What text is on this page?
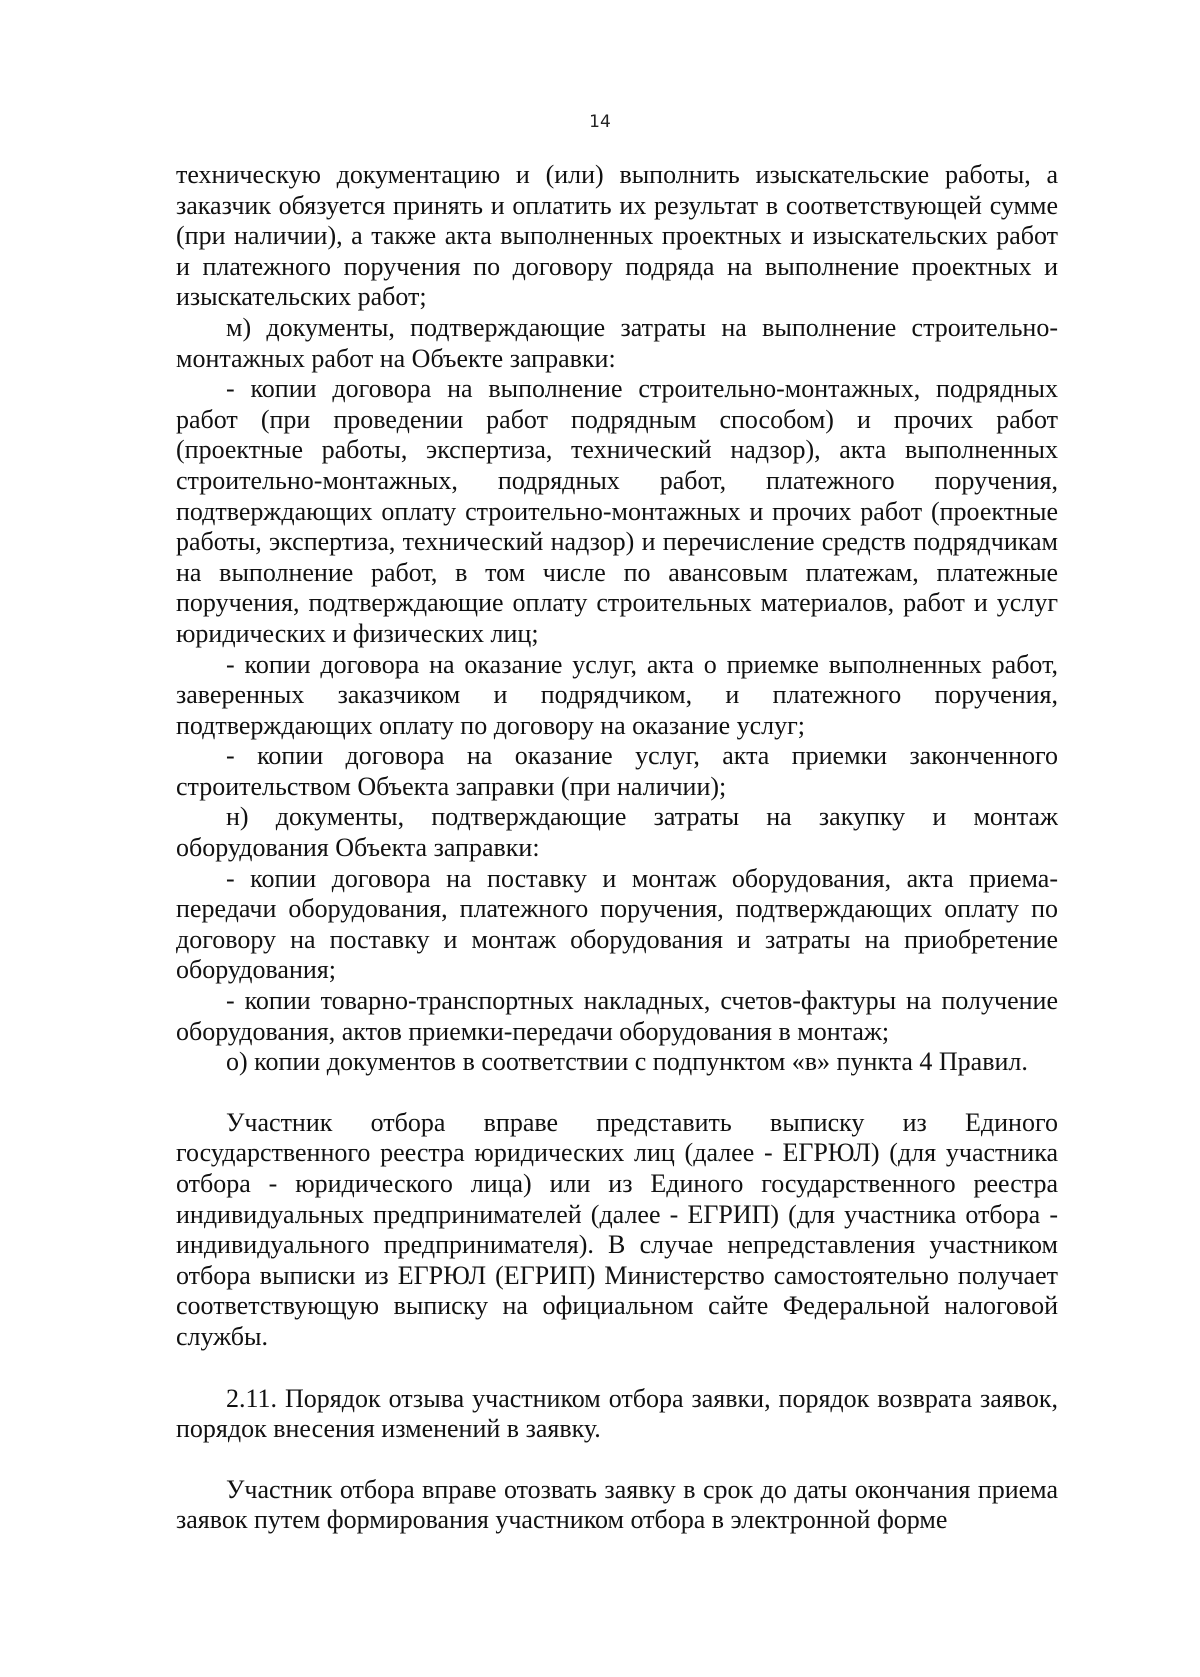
14

техническую документацию и (или) выполнить изыскательские работы, а заказчик обязуется принять и оплатить их результат в соответствующей сумме (при наличии), а также акта выполненных проектных и изыскательских работ и платежного поручения по договору подряда на выполнение проектных и изыскательских работ;

м) документы, подтверждающие затраты на выполнение строительно-монтажных работ на Объекте заправки:

- копии договора на выполнение строительно-монтажных, подрядных работ (при проведении работ подрядным способом) и прочих работ (проектные работы, экспертиза, технический надзор), акта выполненных строительно-монтажных, подрядных работ, платежного поручения, подтверждающих оплату строительно-монтажных и прочих работ (проектные работы, экспертиза, технический надзор) и перечисление средств подрядчикам на выполнение работ, в том числе по авансовым платежам, платежные поручения, подтверждающие оплату строительных материалов, работ и услуг юридических и физических лиц;

- копии договора на оказание услуг, акта о приемке выполненных работ, заверенных заказчиком и подрядчиком, и платежного поручения, подтверждающих оплату по договору на оказание услуг;

- копии договора на оказание услуг, акта приемки законченного строительством Объекта заправки (при наличии);

н) документы, подтверждающие затраты на закупку и монтаж оборудования Объекта заправки:

- копии договора на поставку и монтаж оборудования, акта приема-передачи оборудования, платежного поручения, подтверждающих оплату по договору на поставку и монтаж оборудования и затраты на приобретение оборудования;

- копии товарно-транспортных накладных, счетов-фактуры на получение оборудования, актов приемки-передачи оборудования в монтаж;

о) копии документов в соответствии с подпунктом «в» пункта 4 Правил.

Участник отбора вправе представить выписку из Единого государственного реестра юридических лиц (далее - ЕГРЮЛ) (для участника отбора - юридического лица) или из Единого государственного реестра индивидуальных предпринимателей (далее - ЕГРИП) (для участника отбора - индивидуального предпринимателя). В случае непредставления участником отбора выписки из ЕГРЮЛ (ЕГРИП) Министерство самостоятельно получает соответствующую выписку на официальном сайте Федеральной налоговой службы.

2.11. Порядок отзыва участником отбора заявки, порядок возврата заявок, порядок внесения изменений в заявку.

Участник отбора вправе отозвать заявку в срок до даты окончания приема заявок путем формирования участником отбора в электронной форме
